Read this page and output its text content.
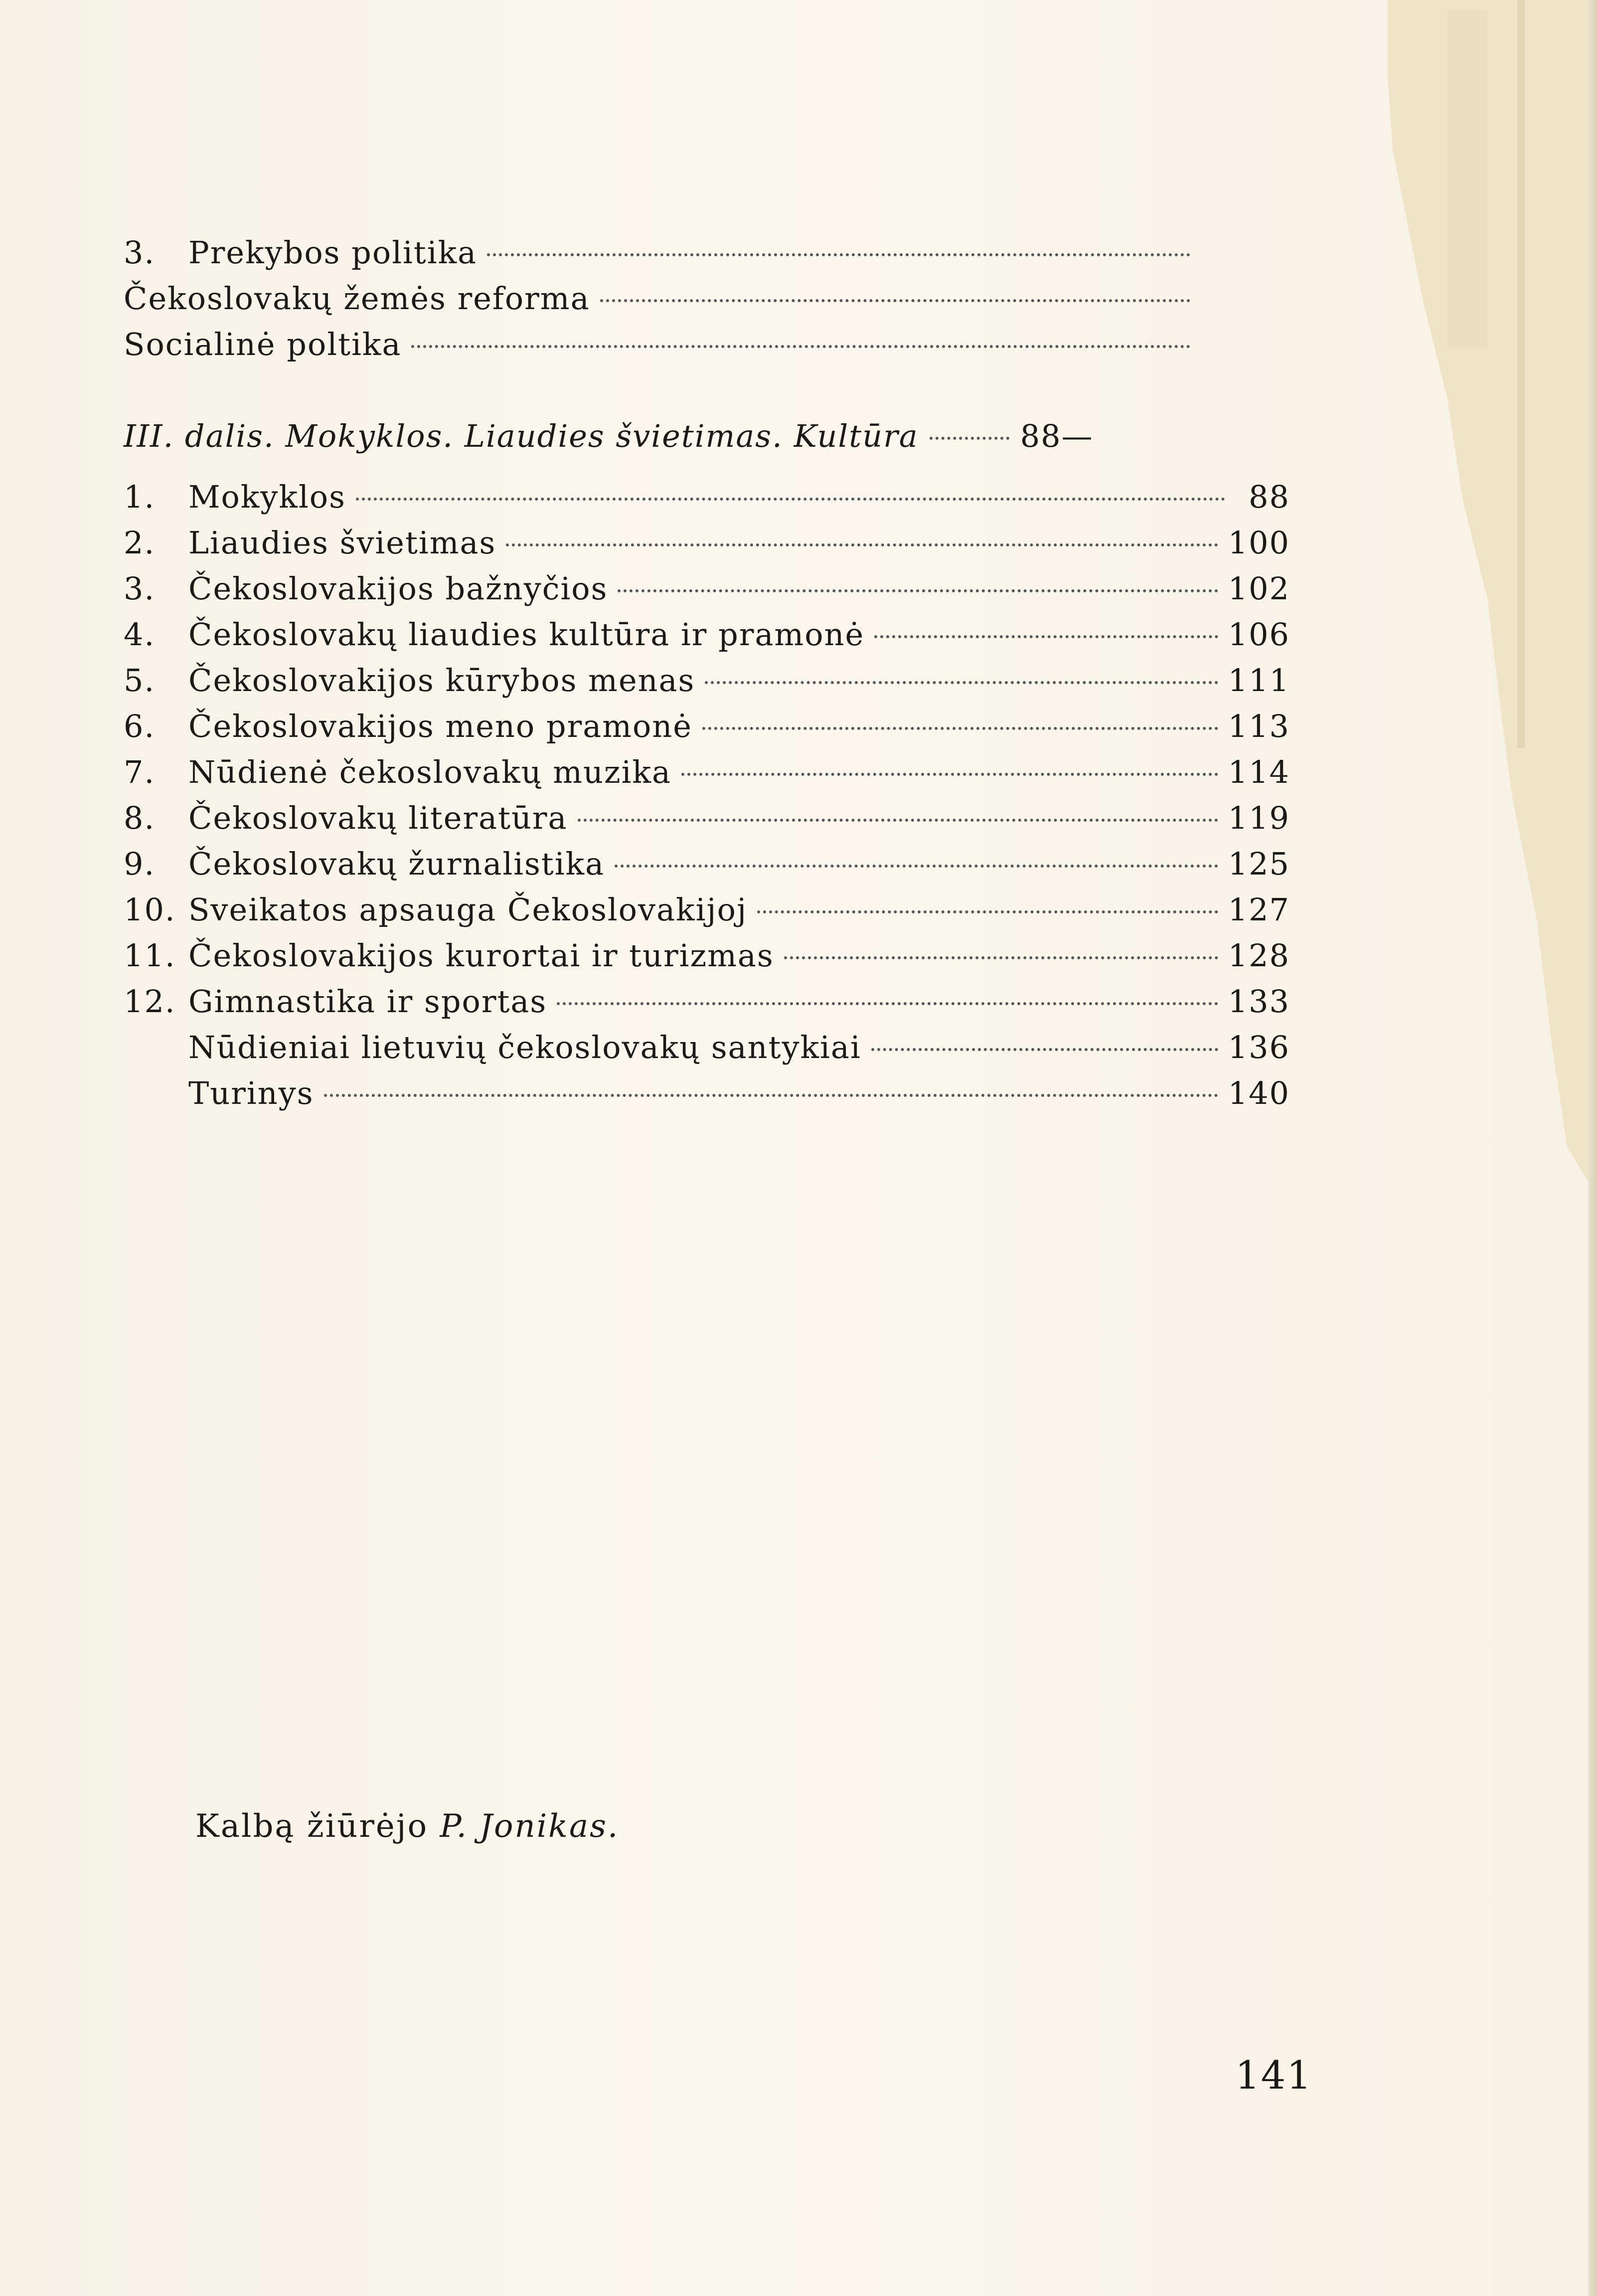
3.	Prekybos politika
Čekoslovakų žemės reforma
Socialinė poltika
III. dalis. Mokyklos. Liaudies švietimas. Kultūra	88—
1.	Mokyklos	88
2.	Liaudies švietimas	100
3.	Čekoslovakijos bažnyčios	102
4.	Čekoslovakų liaudies kultūra ir pramonė	106
5.	Čekoslovakijos kūrybos menas	111
6.	Čekoslovakijos meno pramonė	113
7.	Nūdienė čekoslovakų muzika	114
8.	Čekoslovakų literatūra	119
9.	Čekoslovakų žurnalistika	125
10. Sveikatos apsauga Čekoslovakijoj	127
11. Čekoslovakijos kurortai ir turizmas	128
12. Gimnastika ir sportas	133
Nūdieniai lietuvių čekoslovakų santykiai	136
Turinys	140
Kalbą žiūrėjo P. Jonikas.
141
